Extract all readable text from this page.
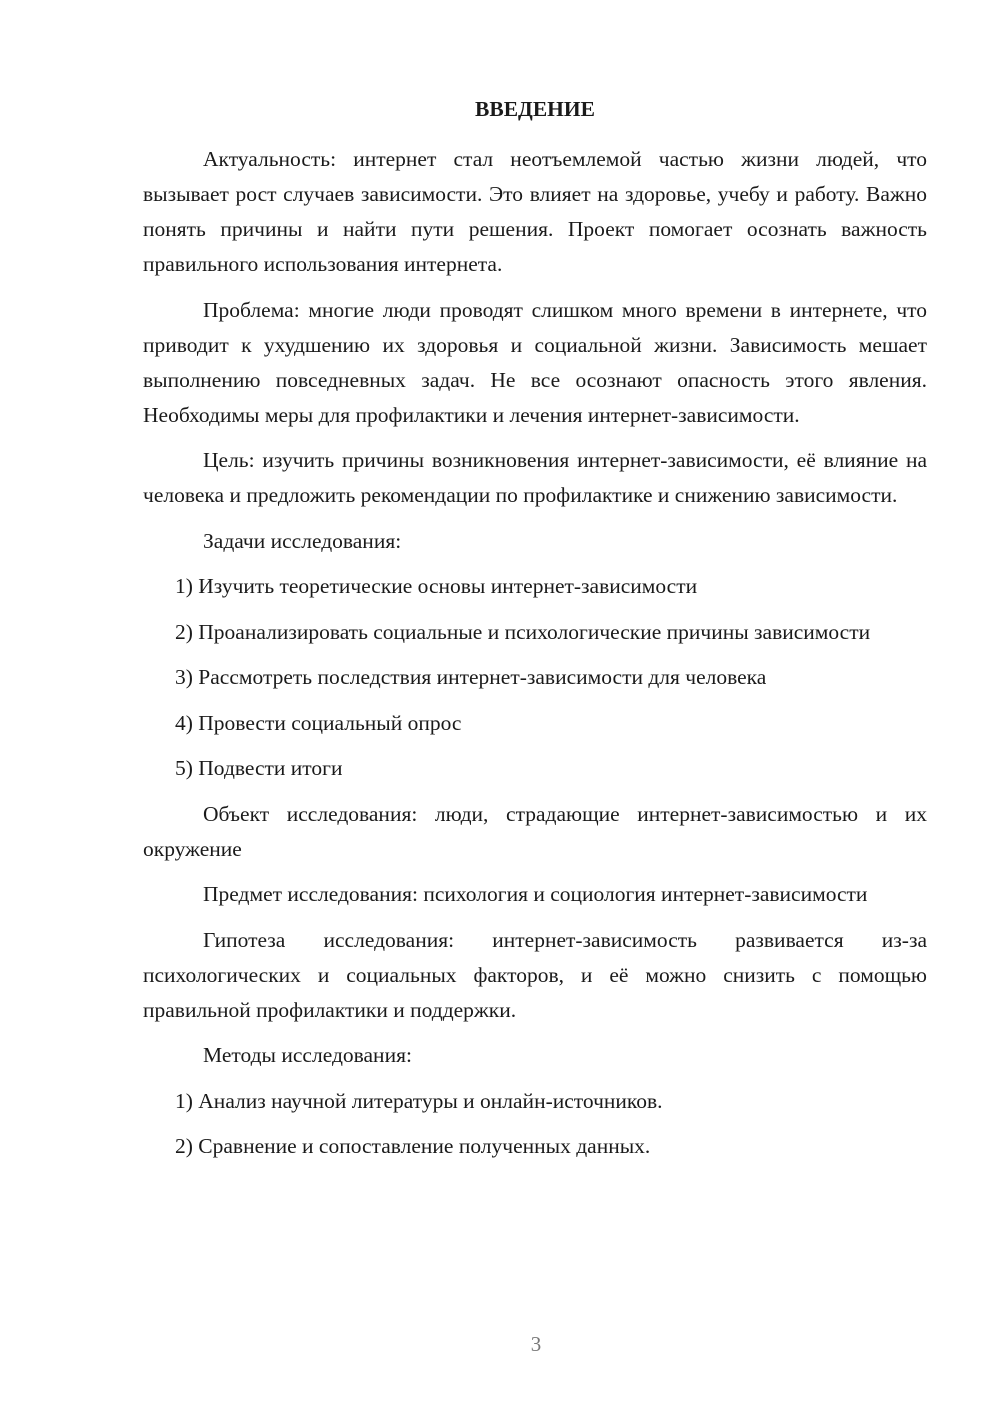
ВВЕДЕНИЕ

Актуальность: интернет стал неотъемлемой частью жизни людей, что вызывает рост случаев зависимости. Это влияет на здоровье, учебу и работу. Важно понять причины и найти пути решения. Проект помогает осознать важность правильного использования интернета.

Проблема: многие люди проводят слишком много времени в интернете, что приводит к ухудшению их здоровья и социальной жизни. Зависимость мешает выполнению повседневных задач. Не все осознают опасность этого явления. Необходимы меры для профилактики и лечения интернет-зависимости.

Цель: изучить причины возникновения интернет-зависимости, её влияние на человека и предложить рекомендации по профилактике и снижению зависимости.

Задачи исследования:

1) Изучить теоретические основы интернет-зависимости

2) Проанализировать социальные и психологические причины зависимости

3) Рассмотреть последствия интернет-зависимости для человека

4) Провести социальный опрос

5) Подвести итоги

Объект исследования: люди, страдающие интернет-зависимостью и их окружение

Предмет исследования: психология и социология интернет-зависимости

Гипотеза исследования: интернет-зависимость развивается из-за психологических и социальных факторов, и её можно снизить с помощью правильной профилактики и поддержки.

Методы исследования:

1) Анализ научной литературы и онлайн-источников.

2) Сравнение и сопоставление полученных данных.

3
